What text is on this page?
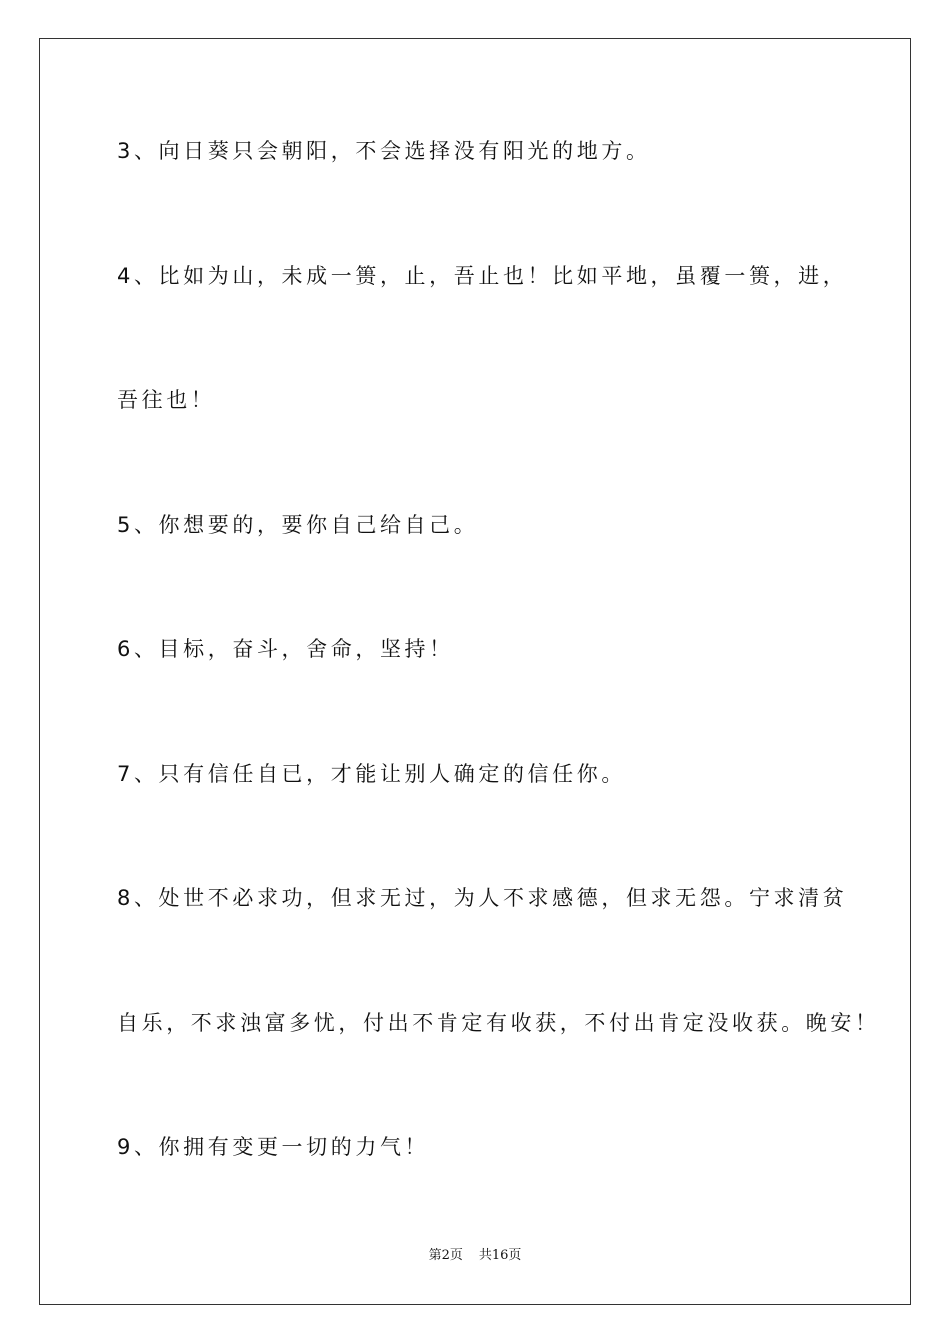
3、向日葵只会朝阳，不会选择没有阳光的地方。
4、比如为山，未成一篑，止，吾止也！比如平地，虽覆一篑，进，
吾往也！
5、你想要的，要你自己给自己。
6、目标，奋斗，舍命，坚持！
7、只有信任自已，才能让别人确定的信任你。
8、处世不必求功，但求无过，为人不求感德，但求无怨。宁求清贫
自乐，不求浊富多忧，付出不肯定有收获，不付出肯定没收获。晚安！
9、你拥有变更一切的力气！
第2页 共16页
